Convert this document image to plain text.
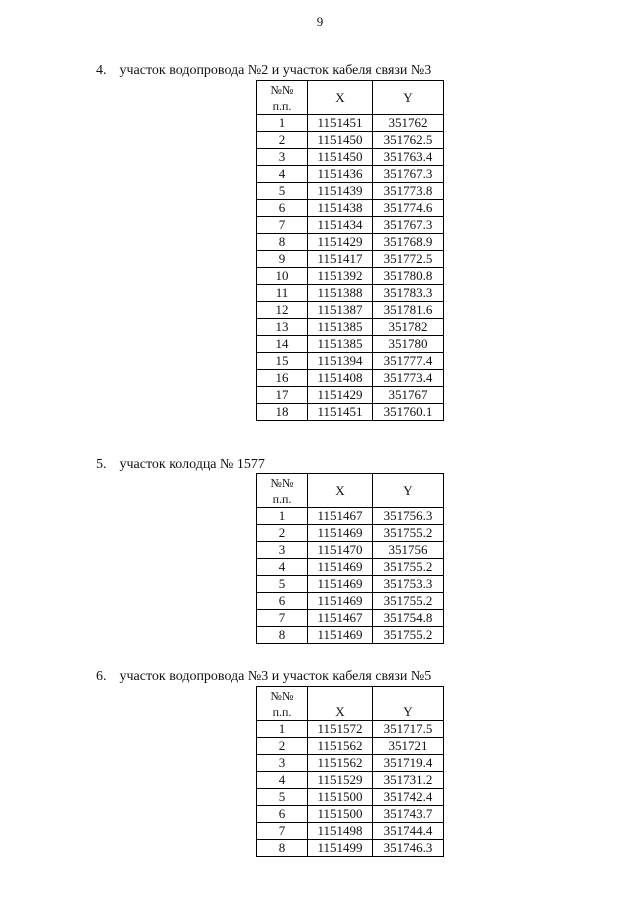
9
4. участок водопровода №2 и участок кабеля связи №3
№№
п.п.	X	Y
1	1151451	351762
2	1151450	351762.5
3	1151450	351763.4
4	1151436	351767.3
5	1151439	351773.8
6	1151438	351774.6
7	1151434	351767.3
8	1151429	351768.9
9	1151417	351772.5
10	1151392	351780.8
11	1151388	351783.3
12	1151387	351781.6
13	1151385	351782
14	1151385	351780
15	1151394	351777.4
16	1151408	351773.4
17	1151429	351767
18	1151451	351760.1
5. участок колодца № 1577
№№
п.п.	X	Y
1	1151467	351756.3
2	1151469	351755.2
3	1151470	351756
4	1151469	351755.2
5	1151469	351753.3
6	1151469	351755.2
7	1151467	351754.8
8	1151469	351755.2
6. участок водопровода №3 и участок кабеля связи №5
№№
п.п.	X	Y
1	1151572	351717.5
2	1151562	351721
3	1151562	351719.4
4	1151529	351731.2
5	1151500	351742.4
6	1151500	351743.7
7	1151498	351744.4
8	1151499	351746.3
